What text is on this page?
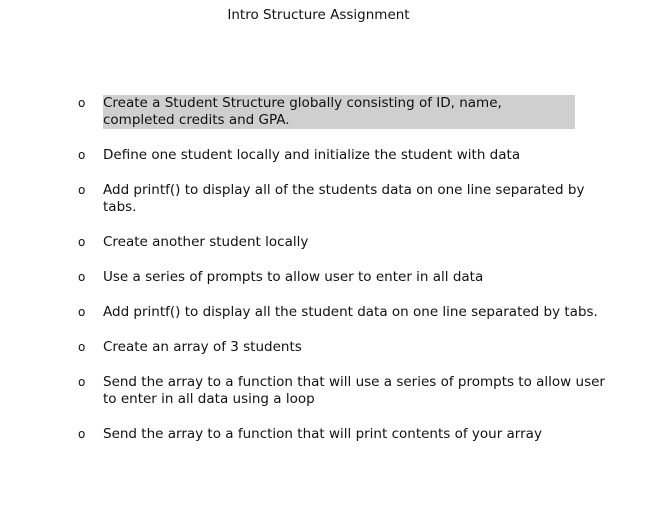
Intro Structure Assignment
o Create a Student Structure globally consisting of ID, name, completed credits and GPA.
o Define one student locally and initialize the student with data
o Add printf() to display all of the students data on one line separated by tabs.
o Create another student locally
o Use a series of prompts to allow user to enter in all data
o Add printf() to display all the student data on one line separated by tabs.
o Create an array of 3 students
o Send the array to a function that will use a series of prompts to allow user to enter in all data using a loop
o Send the array to a function that will print contents of your array
